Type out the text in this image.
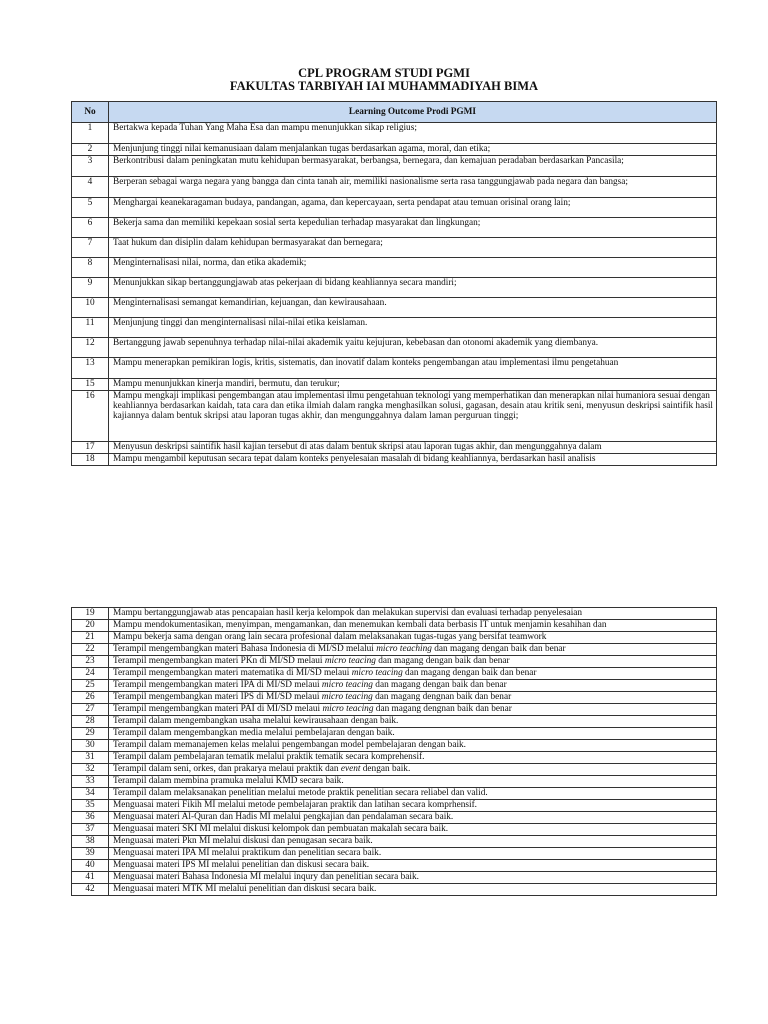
CPL PROGRAM STUDI PGMI
FAKULTAS TARBIYAH IAI MUHAMMADIYAH BIMA
No	Learning Outcome Prodi PGMI
1	Bertakwa kepada Tuhan Yang Maha Esa dan mampu menunjukkan sikap religius;
2	Menjunjung tinggi nilai kemanusiaan dalam menjalankan tugas berdasarkan agama, moral, dan etika;
3	Berkontribusi dalam peningkatan mutu kehidupan bermasyarakat, berbangsa, bernegara, dan kemajuan peradaban berdasarkan Pancasila;
4	Berperan sebagai warga negara yang bangga dan cinta tanah air, memiliki nasionalisme serta rasa tanggungjawab pada negara dan bangsa;
5	Menghargai keanekaragaman budaya, pandangan, agama, dan kepercayaan, serta pendapat atau temuan orisinal orang lain;
6	Bekerja sama dan memiliki kepekaan sosial serta kepedulian terhadap masyarakat dan lingkungan;
7	Taat hukum dan disiplin dalam kehidupan bermasyarakat dan bernegara;
8	Menginternalisasi nilai, norma, dan etika akademik;
9	Menunjukkan sikap bertanggungjawab atas pekerjaan di bidang keahliannya secara mandiri;
10	Menginternalisasi semangat kemandirian, kejuangan, dan kewirausahaan.
11	Menjunjung tinggi dan menginternalisasi nilai-nilai etika keislaman.
12	Bertanggung jawab sepenuhnya terhadap nilai-nilai akademik yaitu kejujuran, kebebasan dan otonomi akademik yang diembanya.
13	Mampu menerapkan pemikiran logis, kritis, sistematis, dan inovatif dalam konteks pengembangan atau implementasi ilmu pengetahuan
15	Mampu menunjukkan kinerja mandiri, bermutu, dan terukur;
16	Mampu mengkaji implikasi pengembangan atau implementasi ilmu pengetahuan teknologi yang memperhatikan dan menerapkan nilai humaniora sesuai dengan keahliannya berdasarkan kaidah, tata cara dan etika ilmiah dalam rangka menghasilkan solusi, gagasan, desain atau kritik seni, menyusun deskripsi saintifik hasil kajiannya dalam bentuk skripsi atau laporan tugas akhir, dan mengunggahnya dalam laman perguruan tinggi;
17	Menyusun deskripsi saintifik hasil kajian tersebut di atas dalam bentuk skripsi atau laporan tugas akhir, dan mengunggahnya dalam
18	Mampu mengambil keputusan secara tepat dalam konteks penyelesaian masalah di bidang keahliannya, berdasarkan hasil analisis
19	Mampu bertanggungjawab atas pencapaian hasil kerja kelompok dan melakukan supervisi dan evaluasi terhadap penyelesaian
20	Mampu mendokumentasikan, menyimpan, mengamankan, dan menemukan kembali data berbasis IT untuk menjamin kesahihan dan
21	Mampu bekerja sama dengan orang lain secara profesional dalam melaksanakan tugas-tugas yang bersifat teamwork
22	Terampil mengembangkan materi Bahasa Indonesia di MI/SD melalui micro teaching dan magang dengan baik dan benar
23	Terampil mengembangkan materi PKn di MI/SD melaui micro teacing dan magang dengan baik dan benar
24	Terampil mengembangkan materi matematika di MI/SD melaui micro teacing dan magang dengan baik dan benar
25	Terampil mengembangkan materi IPA di MI/SD melaui micro teacing dan magang dengan baik dan benar
26	Terampil mengembangkan materi IPS di MI/SD melaui micro teacing dan magang dengnan baik dan benar
27	Terampil mengembangkan materi PAI di MI/SD melaui micro teacing dan magang dengnan baik dan benar
28	Terampil dalam mengembangkan usaha melalui kewirausahaan dengan baik.
29	Terampil dalam mengembangkan media melalui pembelajaran dengan baik.
30	Terampil dalam memanajemen kelas melalui pengembangan model pembelajaran dengan baik.
31	Terampil dalam pembelajaran tematik melalui praktik tematik secara komprehensif.
32	Terampil dalam seni, orkes, dan prakarya melaui praktik dan event dengan baik.
33	Terampil dalam membina pramuka melalui KMD secara baik.
34	Terampil dalam melaksanakan penelitian melalui metode praktik penelitian secara reliabel dan valid.
35	Menguasai materi Fikih MI melalui metode pembelajaran praktik dan latihan secara komprhensif.
36	Menguasai materi Al-Quran dan Hadis MI melalui pengkajian dan pendalaman secara baik.
37	Menguasai materi SKI MI melalui diskusi kelompok dan pembuatan makalah secara baik.
38	Menguasai materi Pkn MI melalui diskusi dan penugasan secara baik.
39	Menguasai materi IPA MI melalui praktikum dan penelitian secara baik.
40	Menguasai materi IPS MI melalui penelitian dan diskusi secara baik.
41	Menguasai materi Bahasa Indonesia MI melalui inqury dan penelitian secara baik.
42	Menguasai materi MTK MI melalui penelitian dan diskusi secara baik.
